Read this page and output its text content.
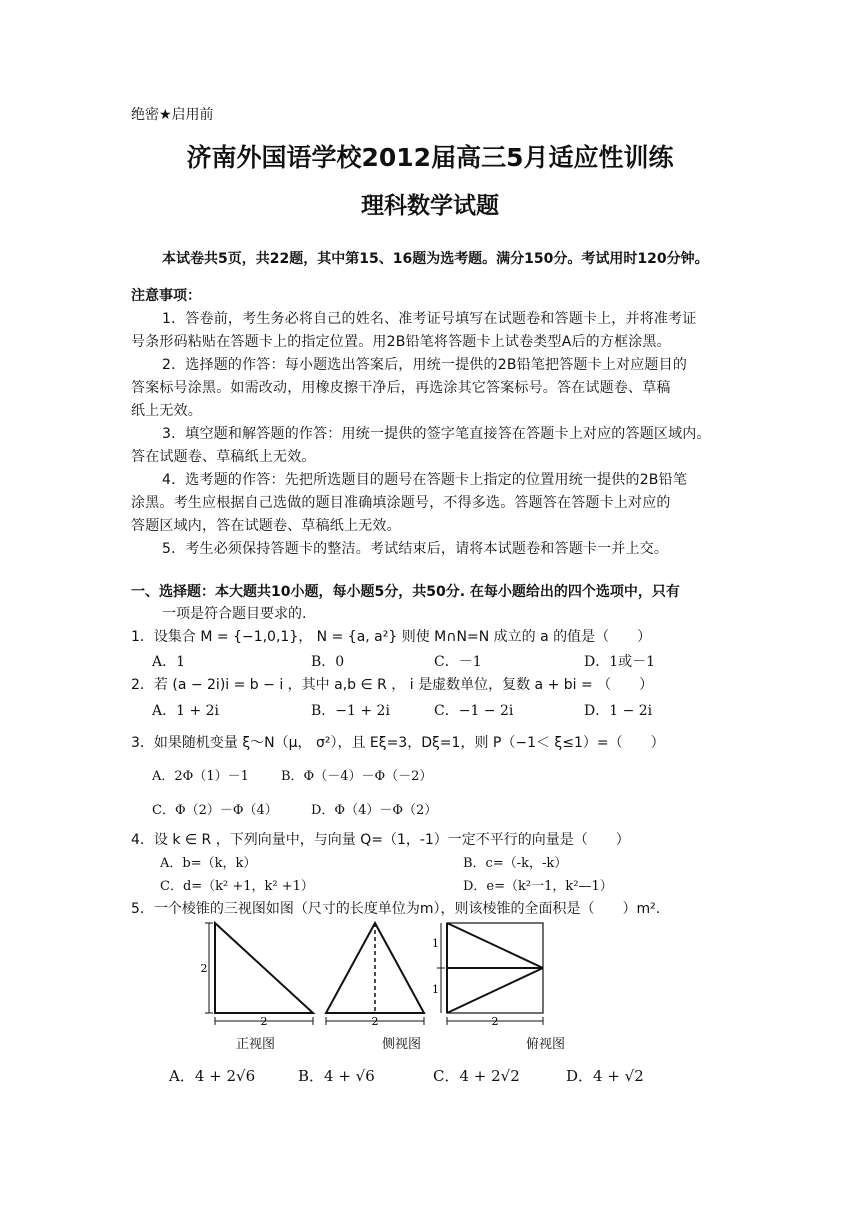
绝密★启用前
济南外国语学校2012届高三5月适应性训练
理科数学试题
本试卷共5页，共22题，其中第15、16题为选考题。满分150分。考试用时120分钟。
注意事项：
1．答卷前，考生务必将自己的姓名、准考证号填写在试题卷和答题卡上，并将准考证
号条形码粘贴在答题卡上的指定位置。用2B铅笔将答题卡上试卷类型A后的方框涂黑。
2．选择题的作答：每小题选出答案后，用统一提供的2B铅笔把答题卡上对应题目的
答案标号涂黑。如需改动，用橡皮擦干净后，再选涂其它答案标号。答在试题卷、草稿
纸上无效。
3．填空题和解答题的作答：用统一提供的签字笔直接答在答题卡上对应的答题区域内。
答在试题卷、草稿纸上无效。
4．选考题的作答：先把所选题目的题号在答题卡上指定的位置用统一提供的2B铅笔
涂黑。考生应根据自己选做的题目准确填涂题号，不得多选。答题答在答题卡上对应的
答题区域内，答在试题卷、草稿纸上无效。
5．考生必须保持答题卡的整洁。考试结束后，请将本试题卷和答题卡一并上交。
一、选择题：本大题共10小题，每小题5分，共50分. 在每小题给出的四个选项中，只有
一项是符合题目要求的.
1．设集合 M = {−1,0,1}， N = {a, a²} 则使 M∩N=N 成立的 a 的值是（　　）
A．1	B．0	C．－1	D．1或－1
2．若 (a − 2i)i = b − i ，其中 a,b ∈ R ， i 是虚数单位，复数 a + bi = （　　）
A．1 + 2i	B．−1 + 2i	C．−1 − 2i	D．1 − 2i
3．如果随机变量 ξ～N（μ， σ²），且 Eξ=3，Dξ=1，则 P（−1＜ ξ≤1）=（　　）
A．2Φ（1）－1 B．Φ（－4）－Φ（－2）
C．Φ（2）－Φ（4）	D．Φ（4）－Φ（2）
4．设 k ∈ R ，下列向量中，与向量 Q=（1，-1）一定不平行的向量是（　　）
A．b=（k，k）	B．c=（-k，-k）
C．d=（k² +1，k² +1）	D．e=（k²一1，k²—1）
5．一个棱锥的三视图如图（尺寸的长度单位为m），则该棱锥的全面积是（　　）m².
2
2	2
1
1
2
正视图	侧视图	俯视图
A．4 + 2√6	B．4 + √6	C．4 + 2√2	D．4 + √2
